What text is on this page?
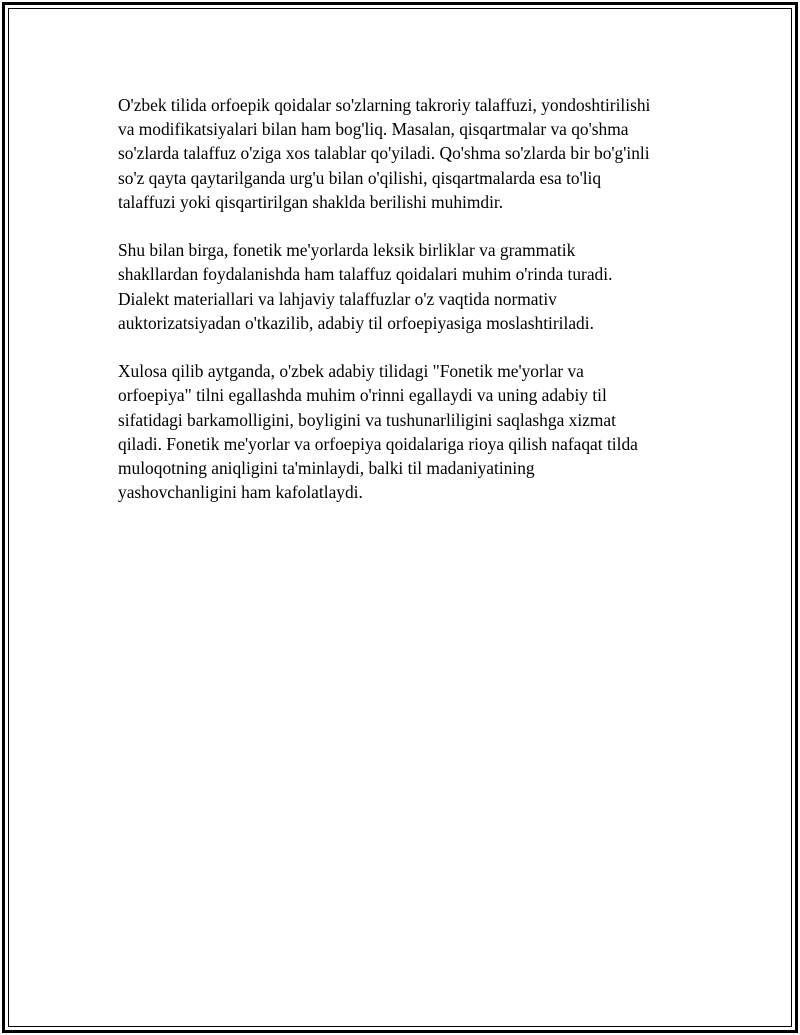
O'zbek tilida orfoepik qoidalar so'zlarning takroriy talaffuzi, yondoshtirilishi
va modifikatsiyalari bilan ham bog'liq. Masalan, qisqartmalar va qo'shma
so'zlarda talaffuz o'ziga xos talablar qo'yiladi. Qo'shma so'zlarda bir bo'g'inli
so'z qayta qaytarilganda urg'u bilan o'qilishi, qisqartmalarda esa to'liq
talaffuzi yoki qisqartirilgan shaklda berilishi muhimdir.

Shu bilan birga, fonetik me'yorlarda leksik birliklar va grammatik
shakllardan foydalanishda ham talaffuz qoidalari muhim o'rinda turadi.
Dialekt materiallari va lahjaviy talaffuzlar o'z vaqtida normativ
auktorizatsiyadan o'tkazilib, adabiy til orfoepiyasiga moslashtiriladi.

Xulosa qilib aytganda, o'zbek adabiy tilidagi "Fonetik me'yorlar va
orfoepiya" tilni egallashda muhim o'rinni egallaydi va uning adabiy til
sifatidagi barkamolligini, boyligini va tushunarliligini saqlashga xizmat
qiladi. Fonetik me'yorlar va orfoepiya qoidalariga rioya qilish nafaqat tilda
muloqotning aniqligini ta'minlaydi, balki til madaniyatining
yashovchanligini ham kafolatlaydi.
